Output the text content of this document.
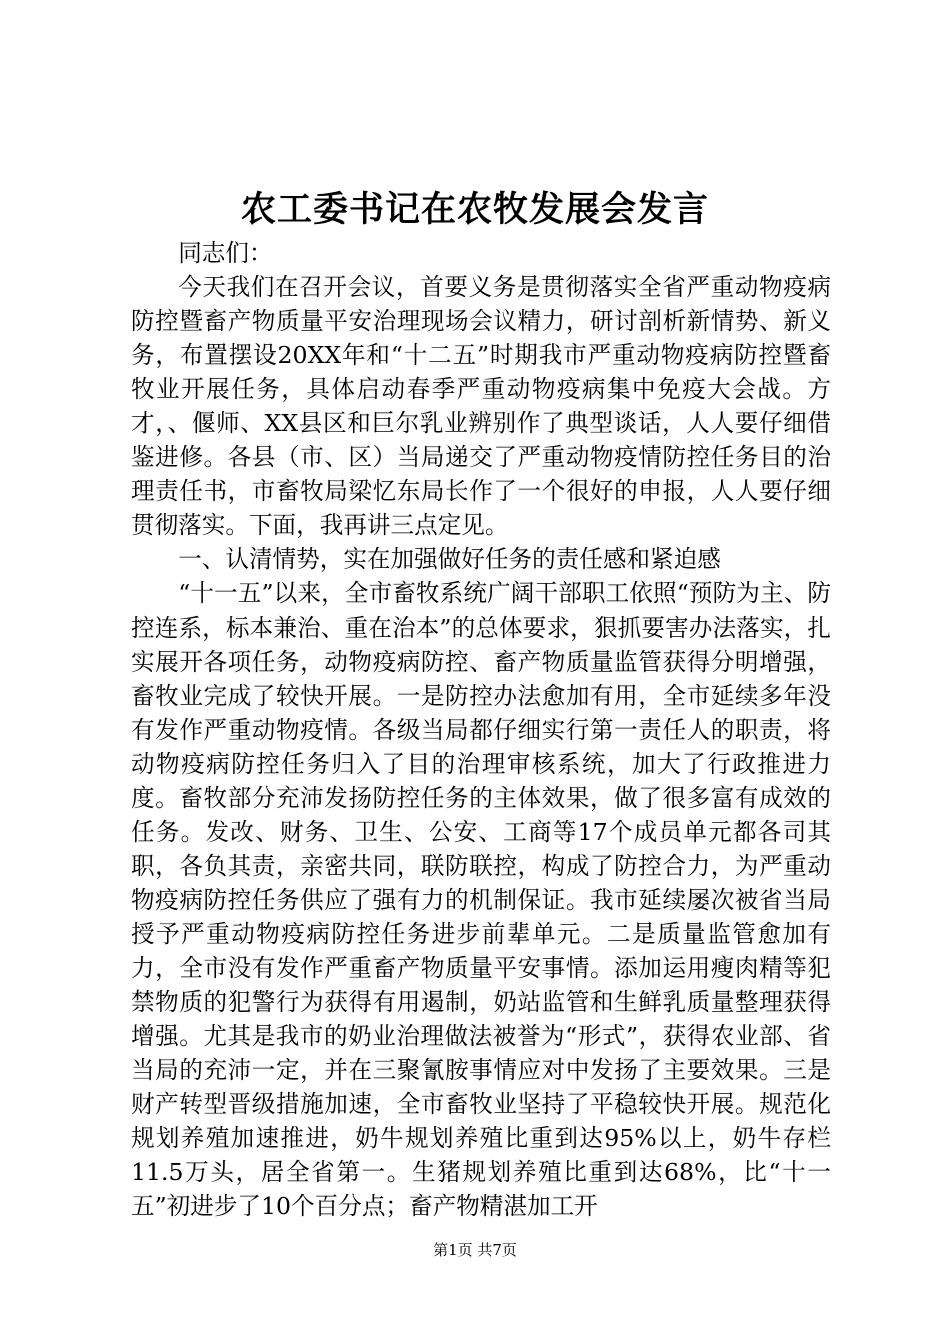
农工委书记在农牧发展会发言

同志们：

今天我们在召开会议，首要义务是贯彻落实全省严重动物疫病防控暨畜产物质量平安治理现场会议精力，研讨剖析新情势、新义务，布置摆设20XX年和“十二五”时期我市严重动物疫病防控暨畜牧业开展任务，具体启动春季严重动物疫病集中免疫大会战。方才，、偃师、XX县区和巨尔乳业辨别作了典型谈话，人人要仔细借鉴进修。各县（市、区）当局递交了严重动物疫情防控任务目的治理责任书，市畜牧局梁忆东局长作了一个很好的申报，人人要仔细贯彻落实。下面，我再讲三点定见。

一、认清情势，实在加强做好任务的责任感和紧迫感

“十一五”以来，全市畜牧系统广阔干部职工依照“预防为主、防控连系，标本兼治、重在治本”的总体要求，狠抓要害办法落实，扎实展开各项任务，动物疫病防控、畜产物质量监管获得分明增强，畜牧业完成了较快开展。一是防控办法愈加有用，全市延续多年没有发作严重动物疫情。各级当局都仔细实行第一责任人的职责，将动物疫病防控任务归入了目的治理审核系统，加大了行政推进力度。畜牧部分充沛发扬防控任务的主体效果，做了很多富有成效的任务。发改、财务、卫生、公安、工商等17个成员单元都各司其职，各负其责，亲密共同，联防联控，构成了防控合力，为严重动物疫病防控任务供应了强有力的机制保证。我市延续屡次被省当局授予严重动物疫病防控任务进步前辈单元。二是质量监管愈加有力，全市没有发作严重畜产物质量平安事情。添加运用瘦肉精等犯禁物质的犯警行为获得有用遏制，奶站监管和生鲜乳质量整理获得增强。尤其是我市的奶业治理做法被誉为“形式”，获得农业部、省当局的充沛一定，并在三聚氰胺事情应对中发扬了主要效果。三是财产转型晋级措施加速，全市畜牧业坚持了平稳较快开展。规范化规划养殖加速推进，奶牛规划养殖比重到达95%以上，奶牛存栏11.5万头，居全省第一。生猪规划养殖比重到达68%，比“十一五”初进步了10个百分点；畜产物精湛加工开

第1页 共7页
